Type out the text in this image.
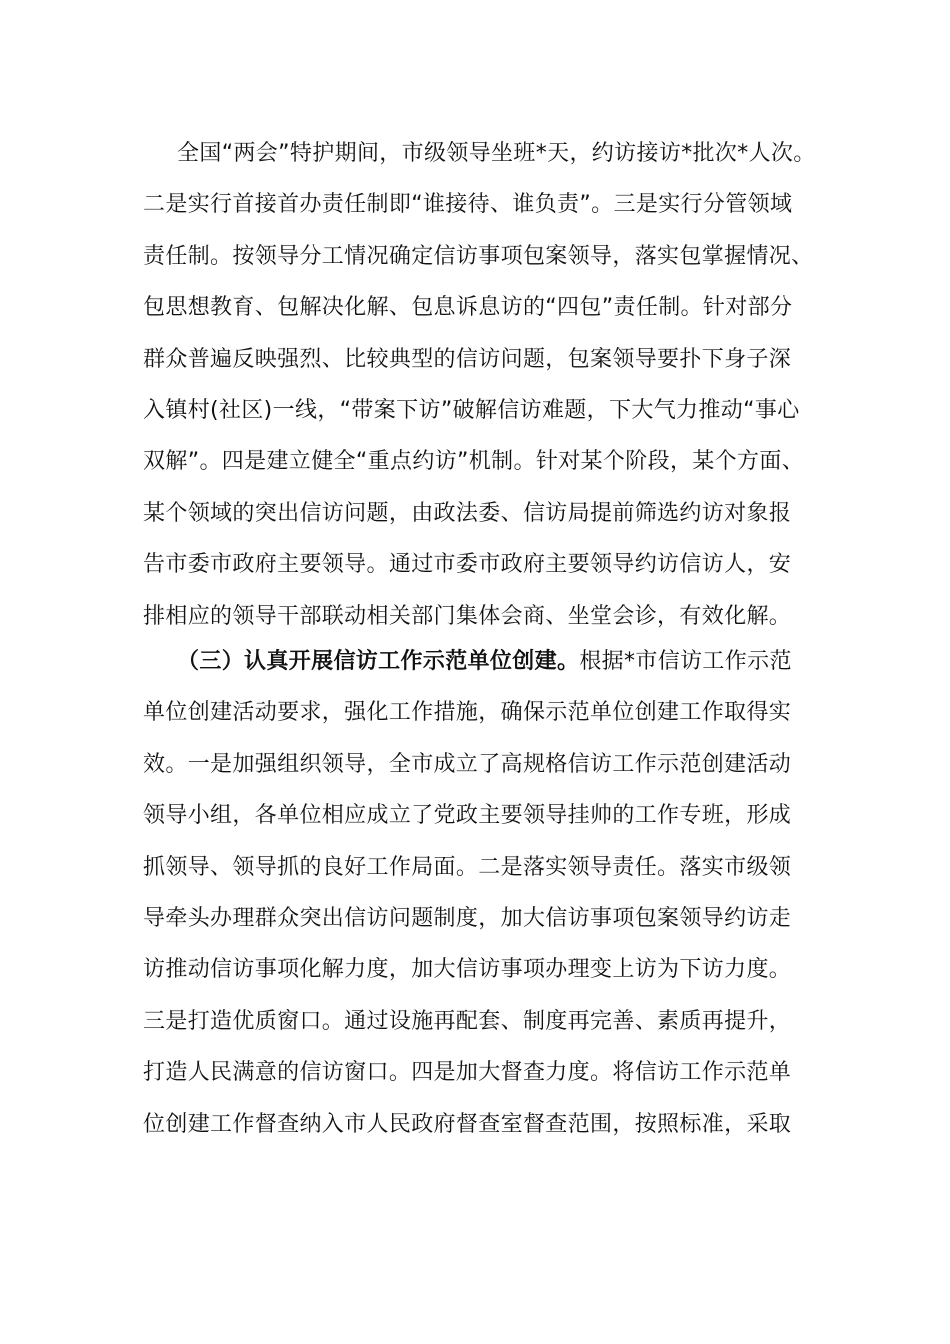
全国“两会”特护期间，市级领导坐班*天，约访接访*批次*人次。
二是实行首接首办责任制即“谁接待、谁负责”。三是实行分管领域
责任制。按领导分工情况确定信访事项包案领导，落实包掌握情况、
包思想教育、包解决化解、包息诉息访的“四包”责任制。针对部分
群众普遍反映强烈、比较典型的信访问题，包案领导要扑下身子深
入镇村(社区)一线，“带案下访”破解信访难题，下大气力推动“事心
双解”。四是建立健全“重点约访”机制。针对某个阶段，某个方面、
某个领域的突出信访问题，由政法委、信访局提前筛选约访对象报
告市委市政府主要领导。通过市委市政府主要领导约访信访人，安
排相应的领导干部联动相关部门集体会商、坐堂会诊，有效化解。
（三）认真开展信访工作示范单位创建。根据*市信访工作示范
单位创建活动要求，强化工作措施，确保示范单位创建工作取得实
效。一是加强组织领导，全市成立了高规格信访工作示范创建活动
领导小组，各单位相应成立了党政主要领导挂帅的工作专班，形成
抓领导、领导抓的良好工作局面。二是落实领导责任。落实市级领
导牵头办理群众突出信访问题制度，加大信访事项包案领导约访走
访推动信访事项化解力度，加大信访事项办理变上访为下访力度。
三是打造优质窗口。通过设施再配套、制度再完善、素质再提升，
打造人民满意的信访窗口。四是加大督查力度。将信访工作示范单
位创建工作督查纳入市人民政府督查室督查范围，按照标准，采取
